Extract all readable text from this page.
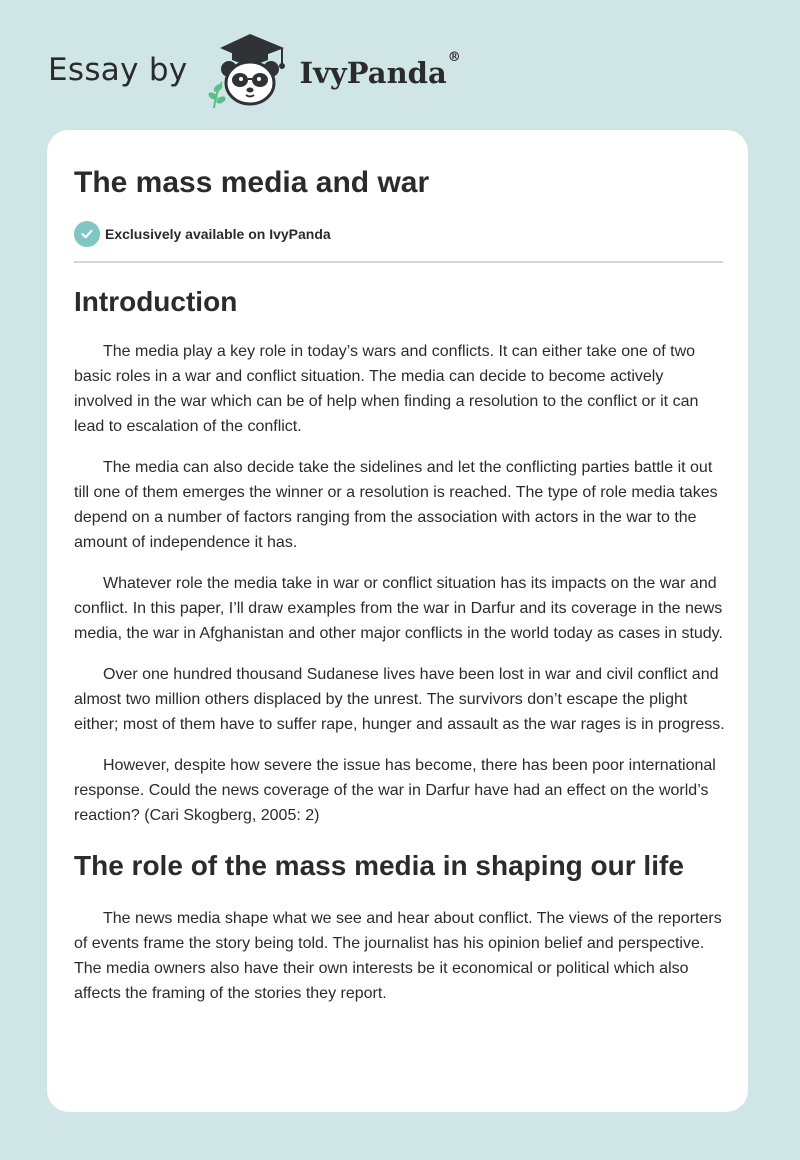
Essay by	IvyPanda®
The mass media and war
Exclusively available on IvyPanda
Introduction

The media play a key role in today’s wars and conflicts. It can either take one of two basic roles in a war and conflict situation. The media can decide to become actively involved in the war which can be of help when finding a resolution to the conflict or it can lead to escalation of the conflict.

The media can also decide take the sidelines and let the conflicting parties battle it out till one of them emerges the winner or a resolution is reached. The type of role media takes depend on a number of factors ranging from the association with actors in the war to the amount of independence it has.

Whatever role the media take in war or conflict situation has its impacts on the war and conflict. In this paper, I’ll draw examples from the war in Darfur and its coverage in the news media, the war in Afghanistan and other major conflicts in the world today as cases in study.

Over one hundred thousand Sudanese lives have been lost in war and civil conflict and almost two million others displaced by the unrest. The survivors don’t escape the plight either; most of them have to suffer rape, hunger and assault as the war rages is in progress.

However, despite how severe the issue has become, there has been poor international response. Could the news coverage of the war in Darfur have had an effect on the world’s reaction? (Cari Skogberg, 2005: 2)

The role of the mass media in shaping our life

The news media shape what we see and hear about conflict. The views of the reporters of events frame the story being told. The journalist has his opinion belief and perspective. The media owners also have their own interests be it economical or political which also affects the framing of the stories they report.
